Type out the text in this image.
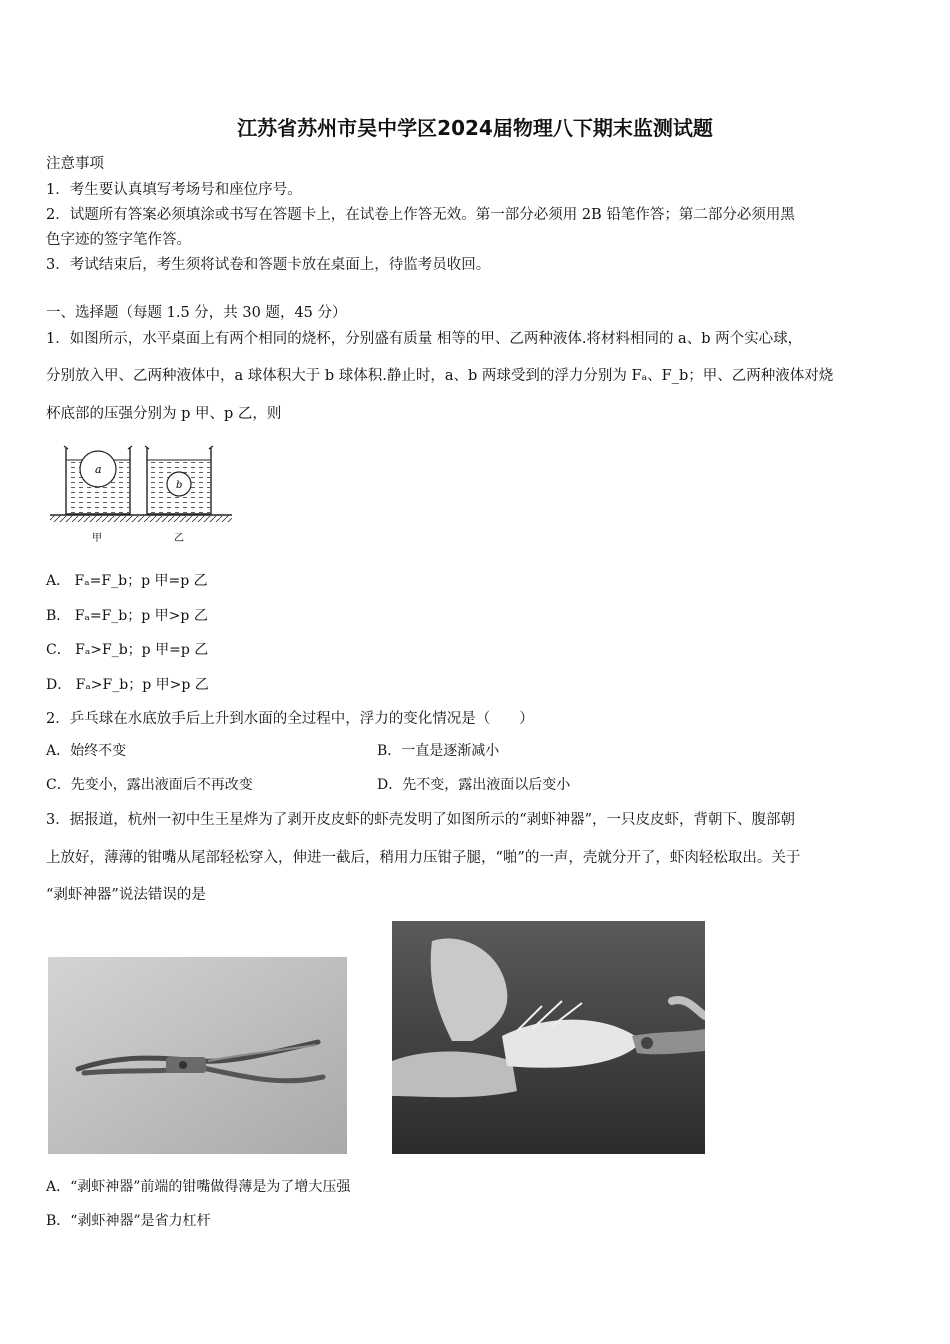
江苏省苏州市吴中学区2024届物理八下期末监测试题
注意事项
1．考生要认真填写考场号和座位序号。
2．试题所有答案必须填涂或书写在答题卡上，在试卷上作答无效。第一部分必须用 2B 铅笔作答；第二部分必须用黑
色字迹的签字笔作答。
3．考试结束后，考生须将试卷和答题卡放在桌面上，待监考员收回。
一、选择题（每题 1.5 分，共 30 题，45 分）
1．如图所示，水平桌面上有两个相同的烧杯，分别盛有质量 相等的甲、乙两种液体.将材料相同的 a、b 两个实心球，
分别放入甲、乙两种液体中，a 球体积大于 b 球体积.静止时，a、b 两球受到的浮力分别为 Fₐ、F_b；甲、乙两种液体对烧
杯底部的压强分别为 p 甲、p 乙，则
a
b
甲	乙
A． Fₐ=F_b；p 甲=p 乙
B． Fₐ=F_b；p 甲>p 乙
C． Fₐ>F_b；p 甲=p 乙
D． Fₐ>F_b；p 甲>p 乙
2．乒乓球在水底放手后上升到水面的全过程中，浮力的变化情况是（　　）
A．始终不变	B．一直是逐渐减小
C．先变小，露出液面后不再改变	D．先不变，露出液面以后变小
3．据报道，杭州一初中生王星烨为了剥开皮皮虾的虾壳发明了如图所示的“剥虾神器”，一只皮皮虾，背朝下、腹部朝
上放好，薄薄的钳嘴从尾部轻松穿入，伸进一截后，稍用力压钳子腿，“啪”的一声，壳就分开了，虾肉轻松取出。关于
“剥虾神器”说法错误的是
A．“剥虾神器”前端的钳嘴做得薄是为了增大压强
B．“剥虾神器”是省力杠杆
